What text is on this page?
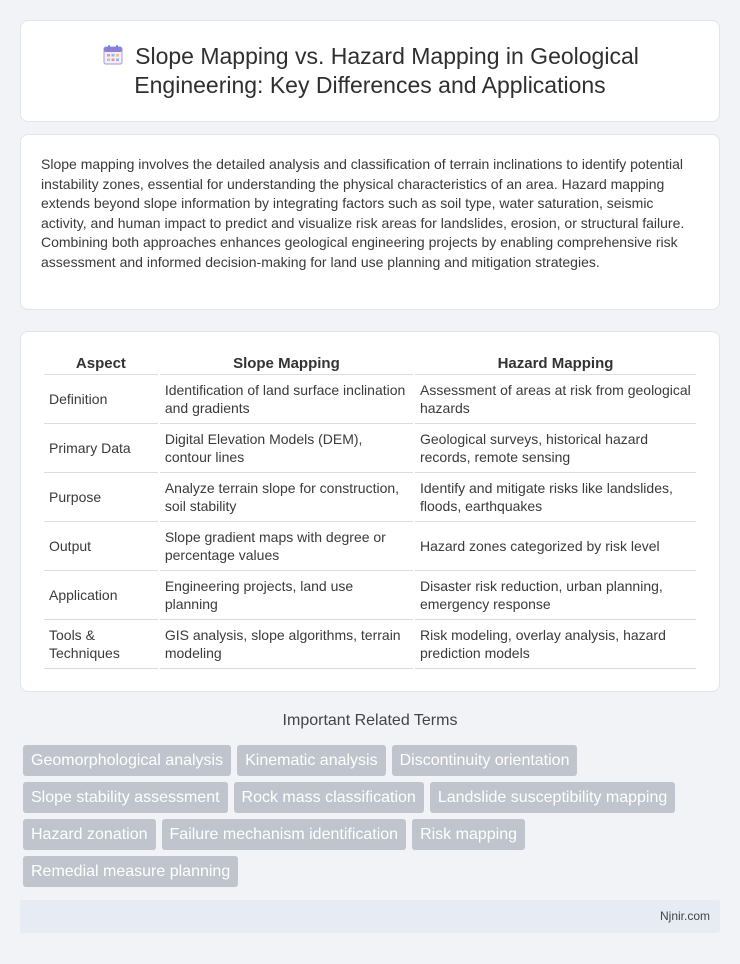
Slope Mapping vs. Hazard Mapping in Geological Engineering: Key Differences and Applications

Slope mapping involves the detailed analysis and classification of terrain inclinations to identify potential instability zones, essential for understanding the physical characteristics of an area. Hazard mapping extends beyond slope information by integrating factors such as soil type, water saturation, seismic activity, and human impact to predict and visualize risk areas for landslides, erosion, or structural failure. Combining both approaches enhances geological engineering projects by enabling comprehensive risk assessment and informed decision-making for land use planning and mitigation strategies.

Aspect	Slope Mapping	Hazard Mapping
Definition	Identification of land surface inclination and gradients	Assessment of areas at risk from geological hazards
Primary Data	Digital Elevation Models (DEM), contour lines	Geological surveys, historical hazard records, remote sensing
Purpose	Analyze terrain slope for construction, soil stability	Identify and mitigate risks like landslides, floods, earthquakes
Output	Slope gradient maps with degree or percentage values	Hazard zones categorized by risk level
Application	Engineering projects, land use planning	Disaster risk reduction, urban planning, emergency response
Tools & Techniques	GIS analysis, slope algorithms, terrain modeling	Risk modeling, overlay analysis, hazard prediction models
Important Related Terms
Geomorphological analysis	Kinematic analysis	Discontinuity orientation
Slope stability assessment	Rock mass classification	Landslide susceptibility mapping
Hazard zonation	Failure mechanism identification	Risk mapping
Remedial measure planning
Njnir.com
